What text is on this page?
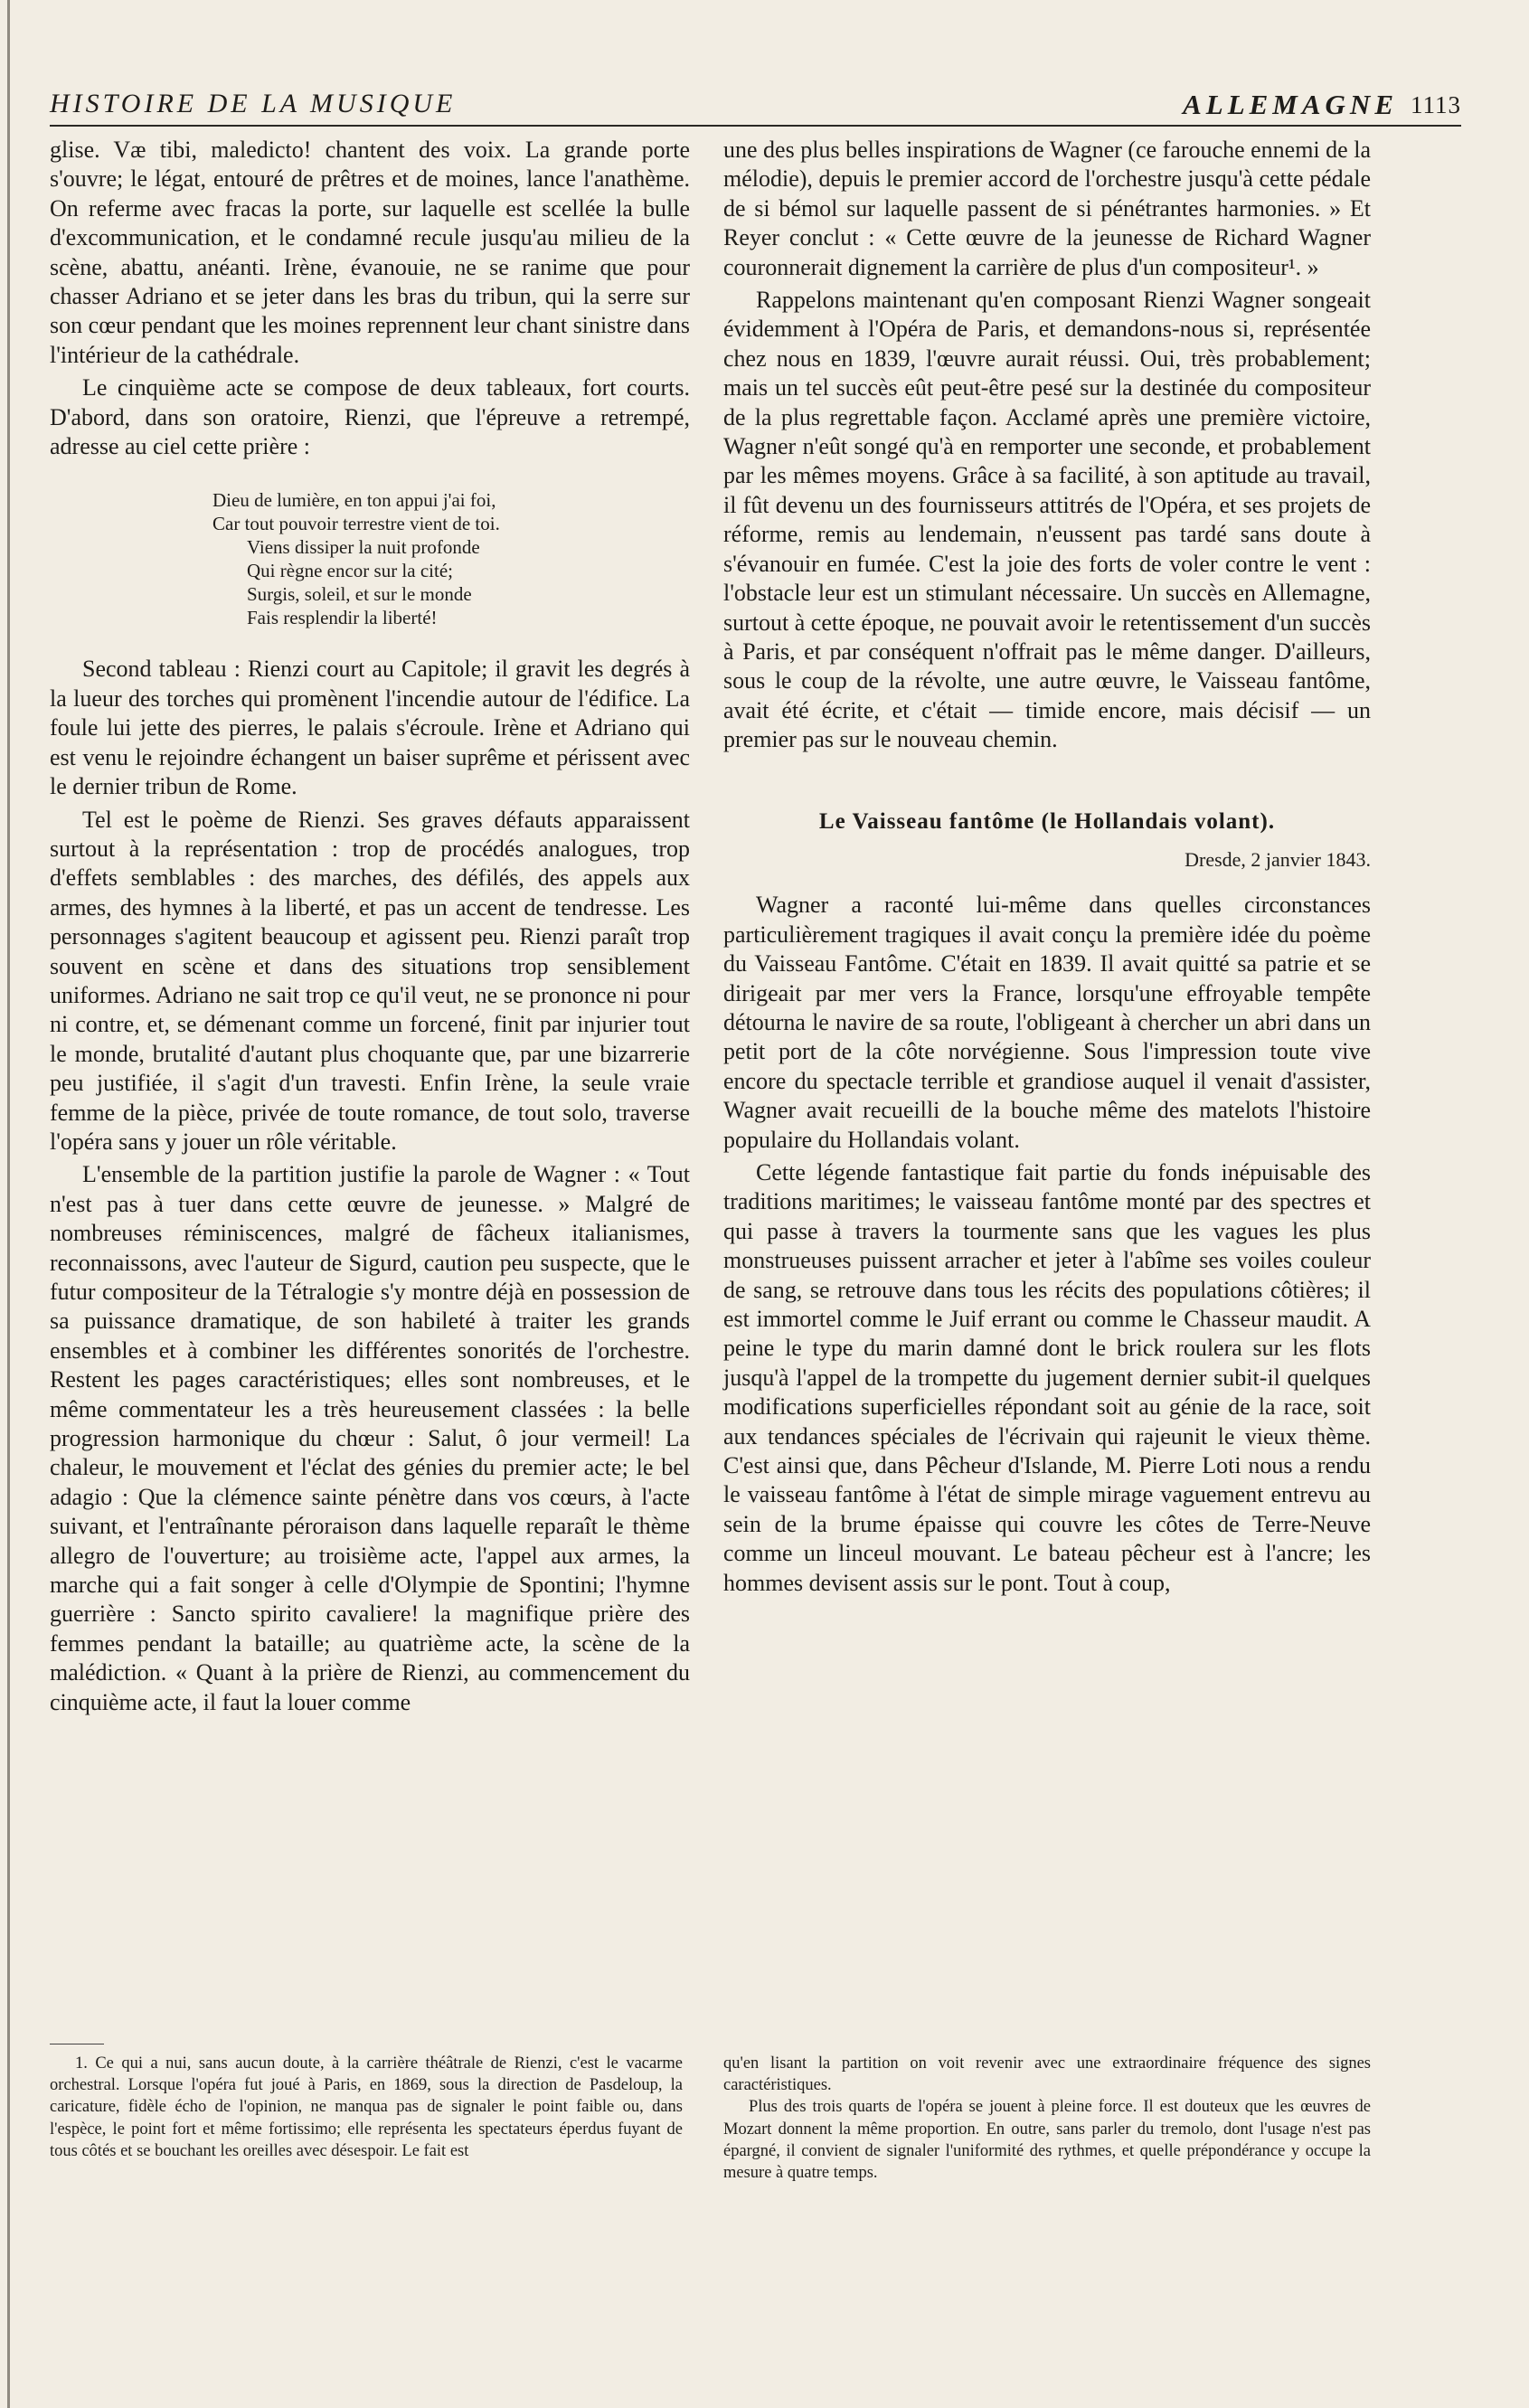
HISTOIRE DE LA MUSIQUE	ALLEMAGNE 1113

glise. Væ tibi, maledicto! chantent des voix. La grande porte s'ouvre; le légat, entouré de prêtres et de moines, lance l'anathème. On referme avec fracas la porte, sur laquelle est scellée la bulle d'excommunication, et le condamné recule jusqu'au milieu de la scène, abattu, anéanti. Irène, évanouie, ne se ranime que pour chasser Adriano et se jeter dans les bras du tribun, qui la serre sur son cœur pendant que les moines reprennent leur chant sinistre dans l'intérieur de la cathédrale.

Le cinquième acte se compose de deux tableaux, fort courts. D'abord, dans son oratoire, Rienzi, que l'épreuve a retrempé, adresse au ciel cette prière :

Dieu de lumière, en ton appui j'ai foi,
Car tout pouvoir terrestre vient de toi.
Viens dissiper la nuit profonde
Qui règne encor sur la cité;
Surgis, soleil, et sur le monde
Fais resplendir la liberté!

Second tableau : Rienzi court au Capitole; il gravit les degrés à la lueur des torches qui promènent l'incendie autour de l'édifice. La foule lui jette des pierres, le palais s'écroule. Irène et Adriano qui est venu le rejoindre échangent un baiser suprême et périssent avec le dernier tribun de Rome.

Tel est le poème de Rienzi. Ses graves défauts apparaissent surtout à la représentation : trop de procédés analogues, trop d'effets semblables : des marches, des défilés, des appels aux armes, des hymnes à la liberté, et pas un accent de tendresse. Les personnages s'agitent beaucoup et agissent peu. Rienzi paraît trop souvent en scène et dans des situations trop sensiblement uniformes. Adriano ne sait trop ce qu'il veut, ne se prononce ni pour ni contre, et, se démenant comme un forcené, finit par injurier tout le monde, brutalité d'autant plus choquante que, par une bizarrerie peu justifiée, il s'agit d'un travesti. Enfin Irène, la seule vraie femme de la pièce, privée de toute romance, de tout solo, traverse l'opéra sans y jouer un rôle véritable.

L'ensemble de la partition justifie la parole de Wagner : « Tout n'est pas à tuer dans cette œuvre de jeunesse. » Malgré de nombreuses réminiscences, malgré de fâcheux italianismes, reconnaissons, avec l'auteur de Sigurd, caution peu suspecte, que le futur compositeur de la Tétralogie s'y montre déjà en possession de sa puissance dramatique, de son habileté à traiter les grands ensembles et à combiner les différentes sonorités de l'orchestre. Restent les pages caractéristiques; elles sont nombreuses, et le même commentateur les a très heureusement classées : la belle progression harmonique du chœur : Salut, ô jour vermeil! La chaleur, le mouvement et l'éclat des génies du premier acte; le bel adagio : Que la clémence sainte pénètre dans vos cœurs, à l'acte suivant, et l'entraînante péroraison dans laquelle reparaît le thème allegro de l'ouverture; au troisième acte, l'appel aux armes, la marche qui a fait songer à celle d'Olympie de Spontini; l'hymne guerrière : Sancto spirito cavaliere! la magnifique prière des femmes pendant la bataille; au quatrième acte, la scène de la malédiction. « Quant à la prière de Rienzi, au commencement du cinquième acte, il faut la louer comme

une des plus belles inspirations de Wagner (ce farouche ennemi de la mélodie), depuis le premier accord de l'orchestre jusqu'à cette pédale de si bémol sur laquelle passent de si pénétrantes harmonies. » Et Reyer conclut : « Cette œuvre de la jeunesse de Richard Wagner couronnerait dignement la carrière de plus d'un compositeur¹. »

Rappelons maintenant qu'en composant Rienzi Wagner songeait évidemment à l'Opéra de Paris, et demandons-nous si, représentée chez nous en 1839, l'œuvre aurait réussi. Oui, très probablement; mais un tel succès eût peut-être pesé sur la destinée du compositeur de la plus regrettable façon. Acclamé après une première victoire, Wagner n'eût songé qu'à en remporter une seconde, et probablement par les mêmes moyens. Grâce à sa facilité, à son aptitude au travail, il fût devenu un des fournisseurs attitrés de l'Opéra, et ses projets de réforme, remis au lendemain, n'eussent pas tardé sans doute à s'évanouir en fumée. C'est la joie des forts de voler contre le vent : l'obstacle leur est un stimulant nécessaire. Un succès en Allemagne, surtout à cette époque, ne pouvait avoir le retentissement d'un succès à Paris, et par conséquent n'offrait pas le même danger. D'ailleurs, sous le coup de la révolte, une autre œuvre, le Vaisseau fantôme, avait été écrite, et c'était — timide encore, mais décisif — un premier pas sur le nouveau chemin.

Le Vaisseau fantôme (le Hollandais volant).
Dresde, 2 janvier 1843.

Wagner a raconté lui-même dans quelles circonstances particulièrement tragiques il avait conçu la première idée du poème du Vaisseau Fantôme. C'était en 1839. Il avait quitté sa patrie et se dirigeait par mer vers la France, lorsqu'une effroyable tempête détourna le navire de sa route, l'obligeant à chercher un abri dans un petit port de la côte norvégienne. Sous l'impression toute vive encore du spectacle terrible et grandiose auquel il venait d'assister, Wagner avait recueilli de la bouche même des matelots l'histoire populaire du Hollandais volant.

Cette légende fantastique fait partie du fonds inépuisable des traditions maritimes; le vaisseau fantôme monté par des spectres et qui passe à travers la tourmente sans que les vagues les plus monstrueuses puissent arracher et jeter à l'abîme ses voiles couleur de sang, se retrouve dans tous les récits des populations côtières; il est immortel comme le Juif errant ou comme le Chasseur maudit. A peine le type du marin damné dont le brick roulera sur les flots jusqu'à l'appel de la trompette du jugement dernier subit-il quelques modifications superficielles répondant soit au génie de la race, soit aux tendances spéciales de l'écrivain qui rajeunit le vieux thème. C'est ainsi que, dans Pêcheur d'Islande, M. Pierre Loti nous a rendu le vaisseau fantôme à l'état de simple mirage vaguement entrevu au sein de la brume épaisse qui couvre les côtes de Terre-Neuve comme un linceul mouvant. Le bateau pêcheur est à l'ancre; les hommes devisent assis sur le pont. Tout à coup,

1. Ce qui a nui, sans aucun doute, à la carrière théâtrale de Rienzi, c'est le vacarme orchestral. Lorsque l'opéra fut joué à Paris, en 1869, sous la direction de Pasdeloup, la caricature, fidèle écho de l'opinion, ne manqua pas de signaler le point faible ou, dans l'espèce, le point fort et même fortissimo; elle représenta les spectateurs éperdus fuyant de tous côtés et se bouchant les oreilles avec désespoir. Le fait est

qu'en lisant la partition on voit revenir avec une extraordinaire fréquence des signes caractéristiques.

Plus des trois quarts de l'opéra se jouent à pleine force. Il est douteux que les œuvres de Mozart donnent la même proportion. En outre, sans parler du tremolo, dont l'usage n'est pas épargné, il convient de signaler l'uniformité des rythmes, et quelle prépondérance y occupe la mesure à quatre temps.
